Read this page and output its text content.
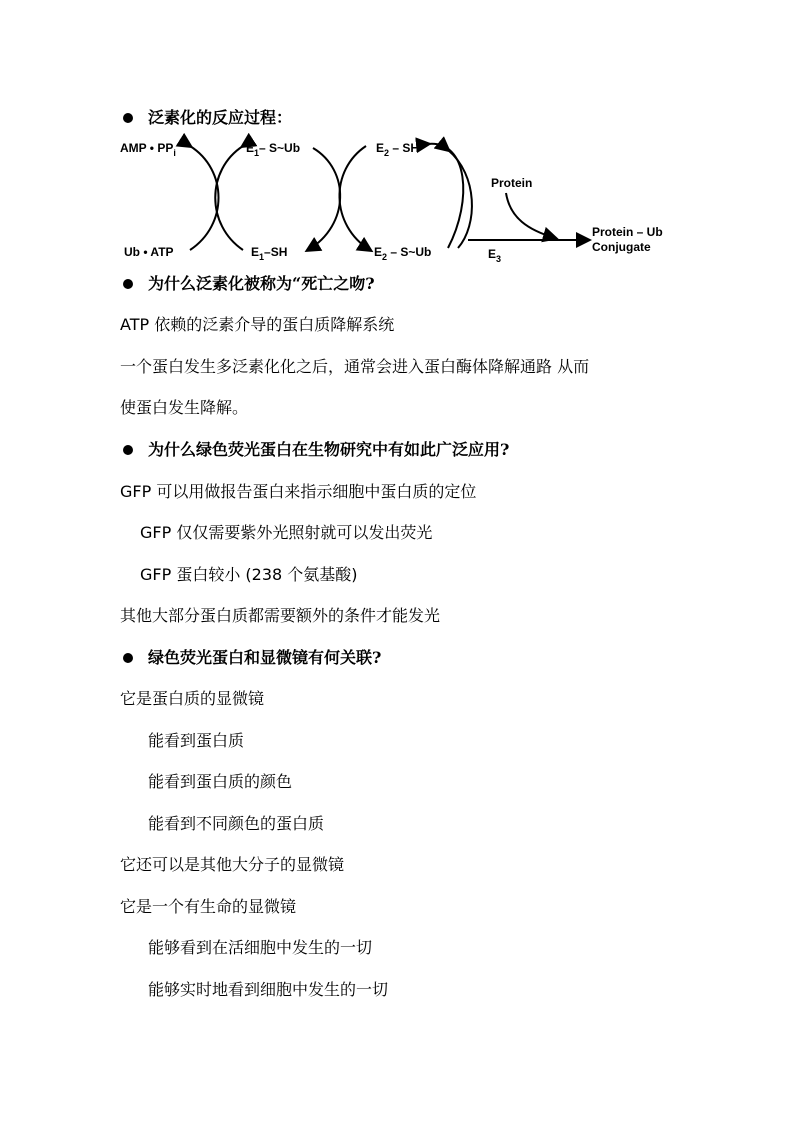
泛素化的反应过程：
AMP • $PP_i$	$E_1-$ S~Ub	$E_2$ – SH
Protein
Ub • ATP	$E_1-SH$	$E_2$ – S~Ub	$E_3$
Protein – Ub
Conjugate
为什么泛素化被称为“死亡之吻?
ATP 依赖的泛素介导的蛋白质降解系统
一个蛋白发生多泛素化化之后，通常会进入蛋白酶体降解通路 从而
使蛋白发生降解。
为什么绿色荧光蛋白在生物研究中有如此广泛应用?
GFP 可以用做报告蛋白来指示细胞中蛋白质的定位
GFP 仅仅需要紫外光照射就可以发出荧光
GFP 蛋白较小 (238 个氨基酸)
其他大部分蛋白质都需要额外的条件才能发光
绿色荧光蛋白和显微镜有何关联?
它是蛋白质的显微镜
能看到蛋白质
能看到蛋白质的颜色
能看到不同颜色的蛋白质
它还可以是其他大分子的显微镜
它是一个有生命的显微镜
能够看到在活细胞中发生的一切
能够实时地看到细胞中发生的一切
